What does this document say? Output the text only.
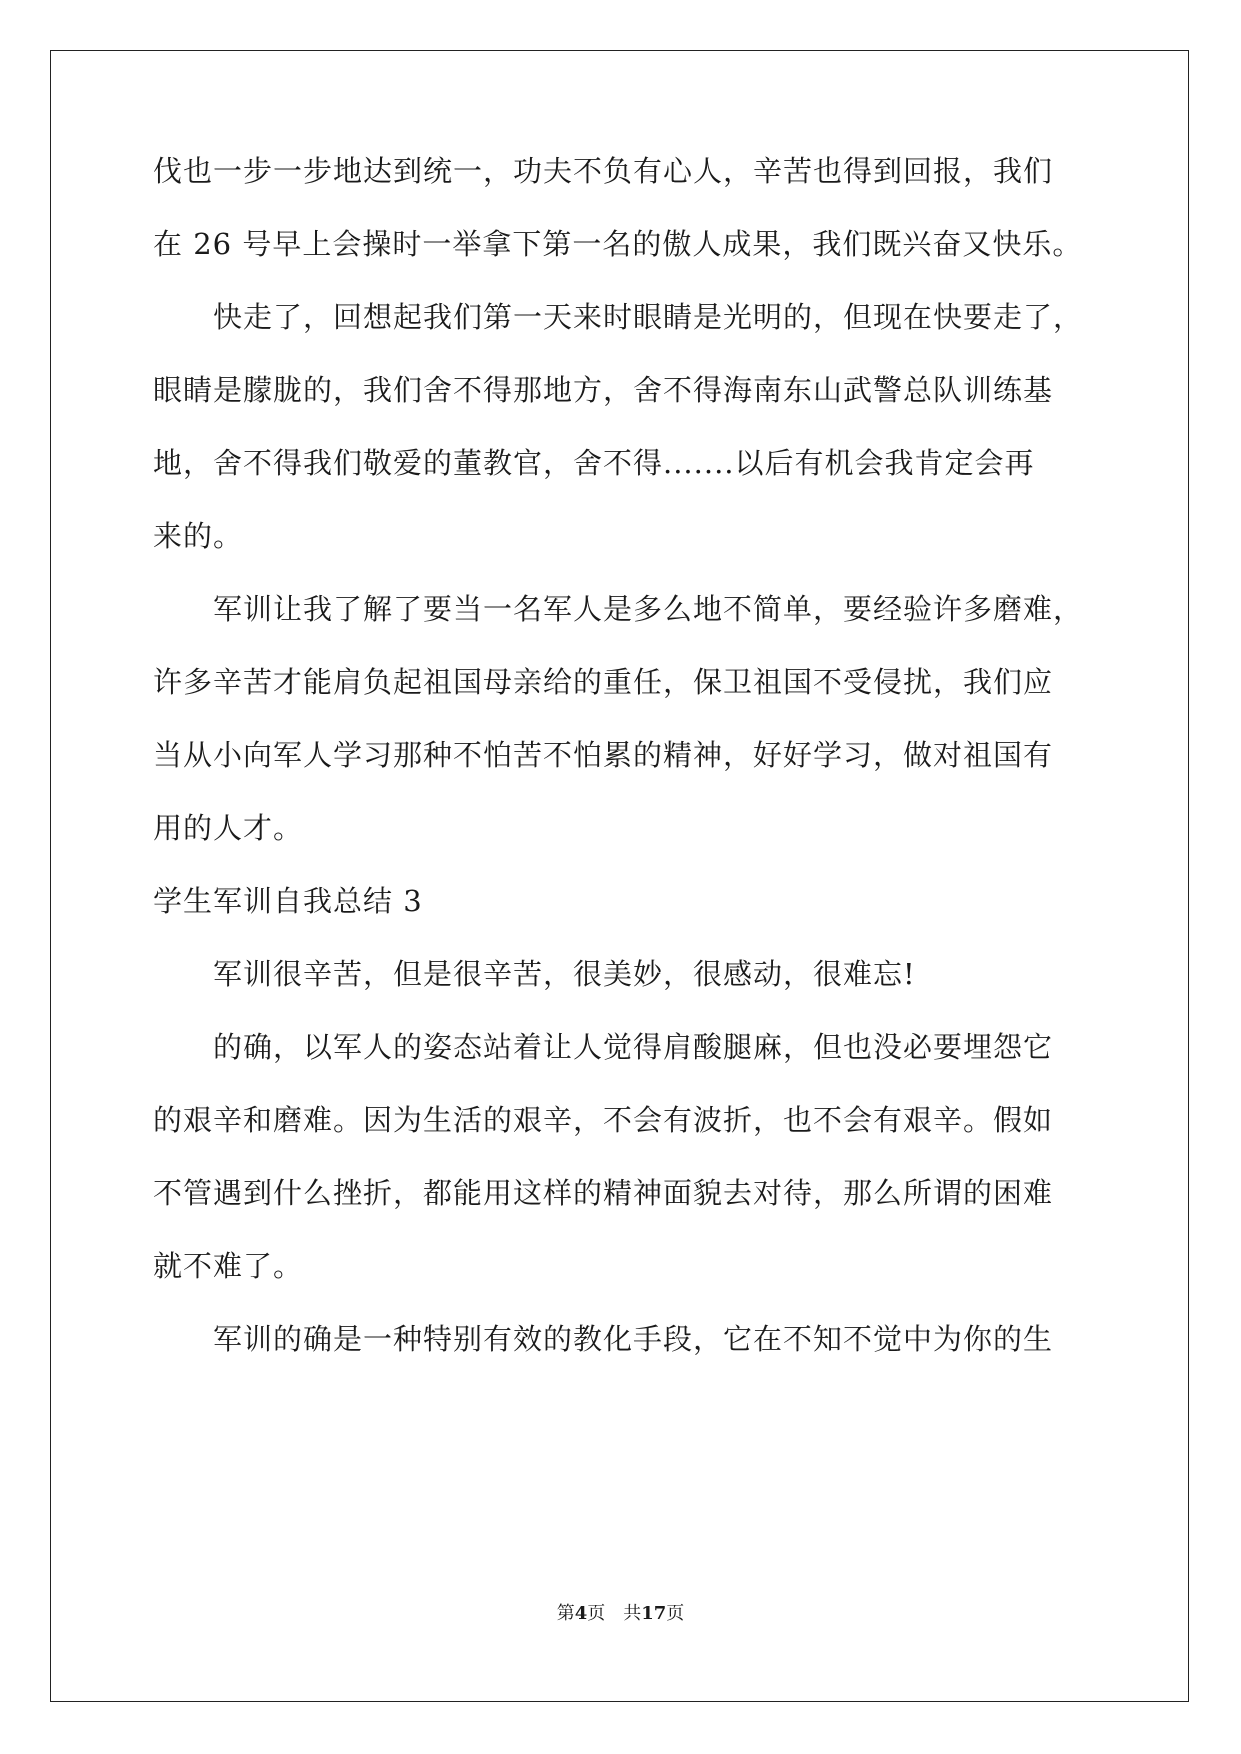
伐也一步一步地达到统一，功夫不负有心人，辛苦也得到回报，我们
在 26 号早上会操时一举拿下第一名的傲人成果，我们既兴奋又快乐。
快走了，回想起我们第一天来时眼睛是光明的，但现在快要走了，
眼睛是朦胧的，我们舍不得那地方，舍不得海南东山武警总队训练基
地，舍不得我们敬爱的董教官，舍不得.......以后有机会我肯定会再
来的。
军训让我了解了要当一名军人是多么地不简单，要经验许多磨难，
许多辛苦才能肩负起祖国母亲给的重任，保卫祖国不受侵扰，我们应
当从小向军人学习那种不怕苦不怕累的精神，好好学习，做对祖国有
用的人才。
学生军训自我总结 3
军训很辛苦，但是很辛苦，很美妙，很感动，很难忘!
的确，以军人的姿态站着让人觉得肩酸腿麻，但也没必要埋怨它
的艰辛和磨难。因为生活的艰辛，不会有波折，也不会有艰辛。假如
不管遇到什么挫折，都能用这样的精神面貌去对待，那么所谓的困难
就不难了。
军训的确是一种特别有效的教化手段，它在不知不觉中为你的生
第4页 共17页
